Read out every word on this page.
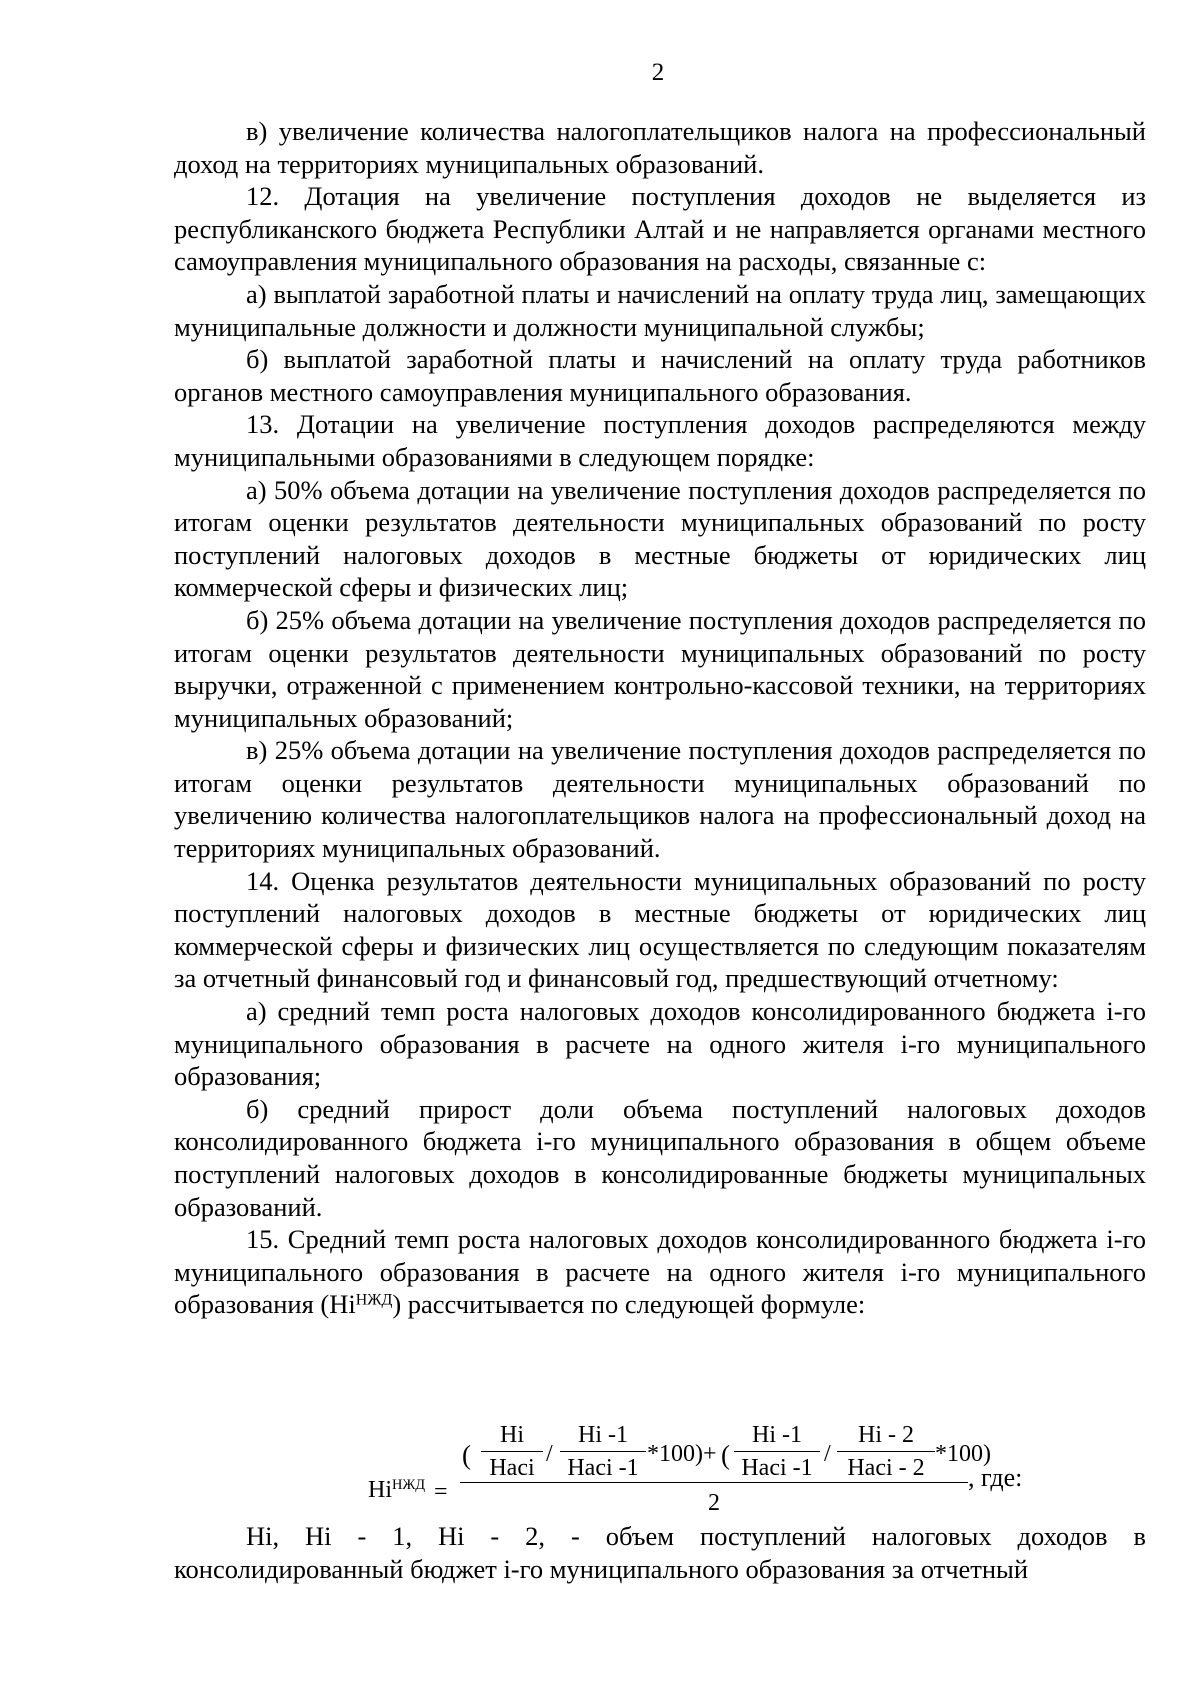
2

в) увеличение количества налогоплательщиков налога на профессиональный доход на территориях муниципальных образований.

12. Дотация на увеличение поступления доходов не выделяется из республиканского бюджета Республики Алтай и не направляется органами местного самоуправления муниципального образования на расходы, связанные с:

а) выплатой заработной платы и начислений на оплату труда лиц, замещающих муниципальные должности и должности муниципальной службы;

б) выплатой заработной платы и начислений на оплату труда работников органов местного самоуправления муниципального образования.

13. Дотации на увеличение поступления доходов распределяются между муниципальными образованиями в следующем порядке:

а) 50% объема дотации на увеличение поступления доходов распределяется по итогам оценки результатов деятельности муниципальных образований по росту поступлений налоговых доходов в местные бюджеты от юридических лиц коммерческой сферы и физических лиц;

б) 25% объема дотации на увеличение поступления доходов распределяется по итогам оценки результатов деятельности муниципальных образований по росту выручки, отраженной с применением контрольно-кассовой техники, на территориях муниципальных образований;

в) 25% объема дотации на увеличение поступления доходов распределяется по итогам оценки результатов деятельности муниципальных образований по увеличению количества налогоплательщиков налога на профессиональный доход на территориях муниципальных образований.

14. Оценка результатов деятельности муниципальных образований по росту поступлений налоговых доходов в местные бюджеты от юридических лиц коммерческой сферы и физических лиц осуществляется по следующим показателям за отчетный финансовый год и финансовый год, предшествующий отчетному:

а) средний темп роста налоговых доходов консолидированного бюджета i-го муниципального образования в расчете на одного жителя i-го муниципального образования;

б) средний прирост доли объема поступлений налоговых доходов консолидированного бюджета i-го муниципального образования в общем объеме поступлений налоговых доходов в консолидированные бюджеты муниципальных образований.

15. Средний темп роста налоговых доходов консолидированного бюджета i-го муниципального образования в расчете на одного жителя i-го муниципального образования $(Hi^{НЖД})$ рассчитывается по следующей формуле:

$Hi^{НЖД}$ =
(
Hi
Haci
/
Hi -1
Haci -1
*100) + (
Hi -1
Haci -1
/
Hi - 2
Haci - 2
*100)
2
, где:

Hi, Hi - 1, Hi - 2, - объем поступлений налоговых доходов в консолидированный бюджет i-го муниципального образования за отчетный
